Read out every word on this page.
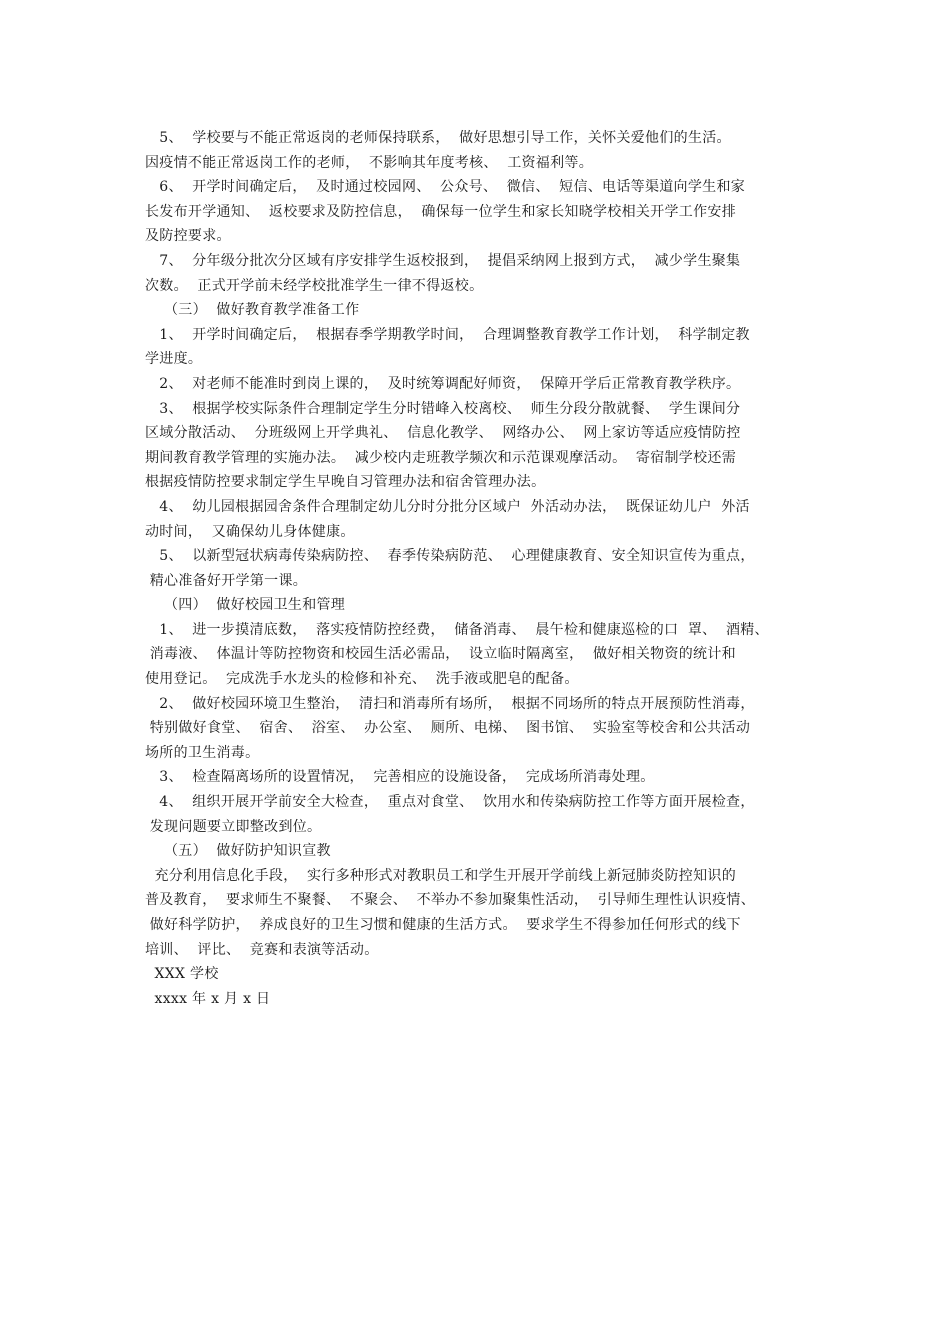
5、  学校要与不能正常返岗的老师保持联系，  做好思想引导工作，关怀关爱他们的生活。
因疫情不能正常返岗工作的老师，  不影响其年度考核、  工资福利等。
6、  开学时间确定后，  及时通过校园网、  公众号、  微信、  短信、电话等渠道向学生和家
长发布开学通知、  返校要求及防控信息，  确保每一位学生和家长知晓学校相关开学工作安排
及防控要求。
7、  分年级分批次分区域有序安排学生返校报到，  提倡采纳网上报到方式，  减少学生聚集
次数。  正式开学前未经学校批准学生一律不得返校。
（三）  做好教育教学准备工作
1、  开学时间确定后，  根据春季学期教学时间，  合理调整教育教学工作计划，  科学制定教
学进度。
2、  对老师不能准时到岗上课的，  及时统筹调配好师资，  保障开学后正常教育教学秩序。
3、  根据学校实际条件合理制定学生分时错峰入校离校、  师生分段分散就餐、  学生课间分
区域分散活动、  分班级网上开学典礼、  信息化教学、  网络办公、  网上家访等适应疫情防控
期间教育教学管理的实施办法。  减少校内走班教学频次和示范课观摩活动。  寄宿制学校还需
根据疫情防控要求制定学生早晚自习管理办法和宿舍管理办法。
4、  幼儿园根据园舍条件合理制定幼儿分时分批分区域户  外活动办法，  既保证幼儿户  外活
动时间，  又确保幼儿身体健康。
5、  以新型冠状病毒传染病防控、  春季传染病防范、  心理健康教育、安全知识宣传为重点，
精心准备好开学第一课。
（四）  做好校园卫生和管理
1、  进一步摸清底数，  落实疫情防控经费，  储备消毒、  晨午检和健康巡检的口  罩、  酒精、
消毒液、  体温计等防控物资和校园生活必需品，  设立临时隔离室，  做好相关物资的统计和
使用登记。  完成洗手水龙头的检修和补充、  洗手液或肥皂的配备。
2、  做好校园环境卫生整治，  清扫和消毒所有场所，  根据不同场所的特点开展预防性消毒，
特别做好食堂、  宿舍、  浴室、  办公室、  厕所、电梯、  图书馆、  实验室等校舍和公共活动
场所的卫生消毒。
3、  检查隔离场所的设置情况，  完善相应的设施设备，  完成场所消毒处理。
4、  组织开展开学前安全大检查，  重点对食堂、  饮用水和传染病防控工作等方面开展检查，
发现问题要立即整改到位。
（五）  做好防护知识宣教
充分利用信息化手段，  实行多种形式对教职员工和学生开展开学前线上新冠肺炎防控知识的
普及教育，  要求师生不聚餐、  不聚会、  不举办不参加聚集性活动，  引导师生理性认识疫情、
做好科学防护，  养成良好的卫生习惯和健康的生活方式。  要求学生不得参加任何形式的线下
培训、  评比、  竞赛和表演等活动。
XXX 学校
xxxx 年 x 月 x 日
